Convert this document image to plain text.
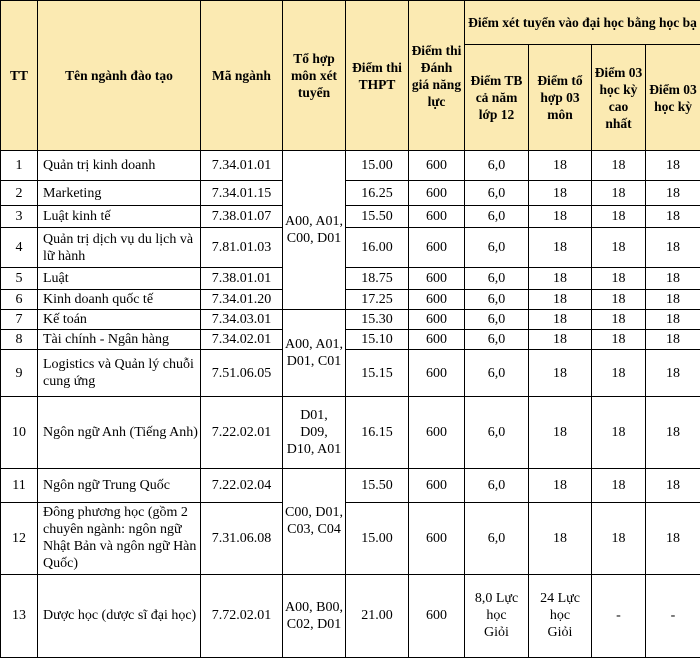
TT	Tên ngành đào tạo	Mã ngành	Tổ hợp môn xét tuyển	Điểm thi THPT	Điểm thi Đánh giá năng lực	Điểm xét tuyển vào đại học bằng học bạ			
						Điểm TB cả năm lớp 12	Điểm tổ hợp 03 môn	Điểm 03 học kỳ cao nhất	Điểm 03 học kỳ
1	Quản trị kinh doanh	7.34.01.01	A00, A01, C00, D01	15.00	600	6,0	18	18	18
2	Marketing	7.34.01.15		16.25	600	6,0	18	18	18
3	Luật kinh tế	7.38.01.07		15.50	600	6,0	18	18	18
4	Quản trị dịch vụ du lịch và lữ hành	7.81.01.03		16.00	600	6,0	18	18	18
5	Luật	7.38.01.01		18.75	600	6,0	18	18	18
6	Kinh doanh quốc tế	7.34.01.20		17.25	600	6,0	18	18	18
7	Kế toán	7.34.03.01	A00, A01, D01, C01	15.30	600	6,0	18	18	18
8	Tài chính - Ngân hàng	7.34.02.01		15.10	600	6,0	18	18	18
9	Logistics và Quản lý chuỗi cung ứng	7.51.06.05		15.15	600	6,0	18	18	18
10	Ngôn ngữ Anh (Tiếng Anh)	7.22.02.01	D01, D09, D10, A01	16.15	600	6,0	18	18	18
11	Ngôn ngữ Trung Quốc	7.22.02.04	C00, D01, C03, C04	15.50	600	6,0	18	18	18
12	Đông phương học (gồm 2 chuyên ngành: ngôn ngữ Nhật Bản và ngôn ngữ Hàn Quốc)	7.31.06.08		15.00	600	6,0	18	18	18
13	Dược học (dược sĩ đại học)	7.72.02.01	A00, B00, C02, D01	21.00	600	8,0 Lực học Giỏi	24 Lực học Giỏi	-	-
